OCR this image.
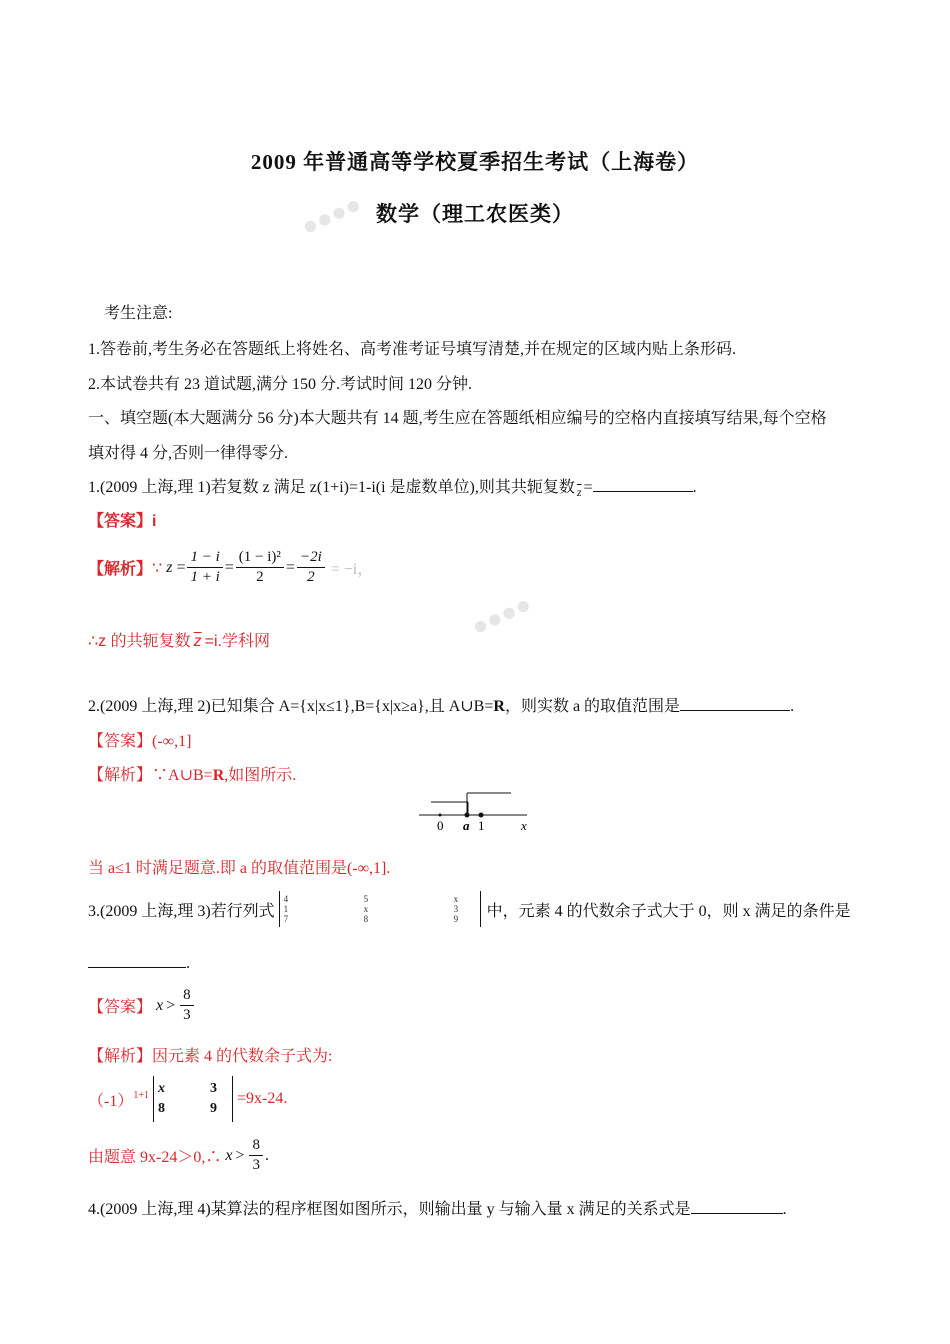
●●●●
●●●●
2009 年普通高等学校夏季招生考试（上海卷）
数学（理工农医类）
考生注意:
1.答卷前,考生务必在答题纸上将姓名、高考准考证号填写清楚,并在规定的区域内贴上条形码.
2.本试卷共有 23 道试题,满分 150 分.考试时间 120 分钟.
一、填空题(本大题满分 56 分)本大题共有 14 题,考生应在答题纸相应编号的空格内直接填写结果,每个空格
填对得 4 分,否则一律得零分.
1.(2009 上海,理 1)若复数 z 满足 z(1+i)=1-i(i 是虚数单位),则其共轭复数 $_{\overline{z}}$ =	.
【答案】i
【解析】 ∵ $z = \frac{1 - i}{1 + i} = \frac{\text{(1 − i)²}}{2} = \frac{-2i}{2} = -i$，
∴z 的共轭复数 $\overline{z} =i$.学科网
2.(2009 上海,理 2)已知集合 A={x|x≤1},B={x|x≥a},且 A∪B=R，则实数 a 的取值范围是	.
【答案】(-∞,1]
【解析】∵A∪B=R,如图所示.
0 a 1	x
当 a≤1 时满足题意.即 a 的取值范围是(-∞,1].
3.(2009 上海,理 3)若行列式
4	5	x
1	x	3
7	8	9	中，元素 4 的代数余子式大于 0，则 x 满足的条件是
.
【答案】 $x > \frac{8}{3}$
【解析】因元素 4 的代数余子式为:
（-1） 1+1 x	3
8	9
=9x-24.
由题意 9x-24＞0,∴ $x > \frac{8}{3}$ .
4.(2009 上海,理 4)某算法的程序框图如图所示，则输出量 y 与输入量 x 满足的关系式是	.
